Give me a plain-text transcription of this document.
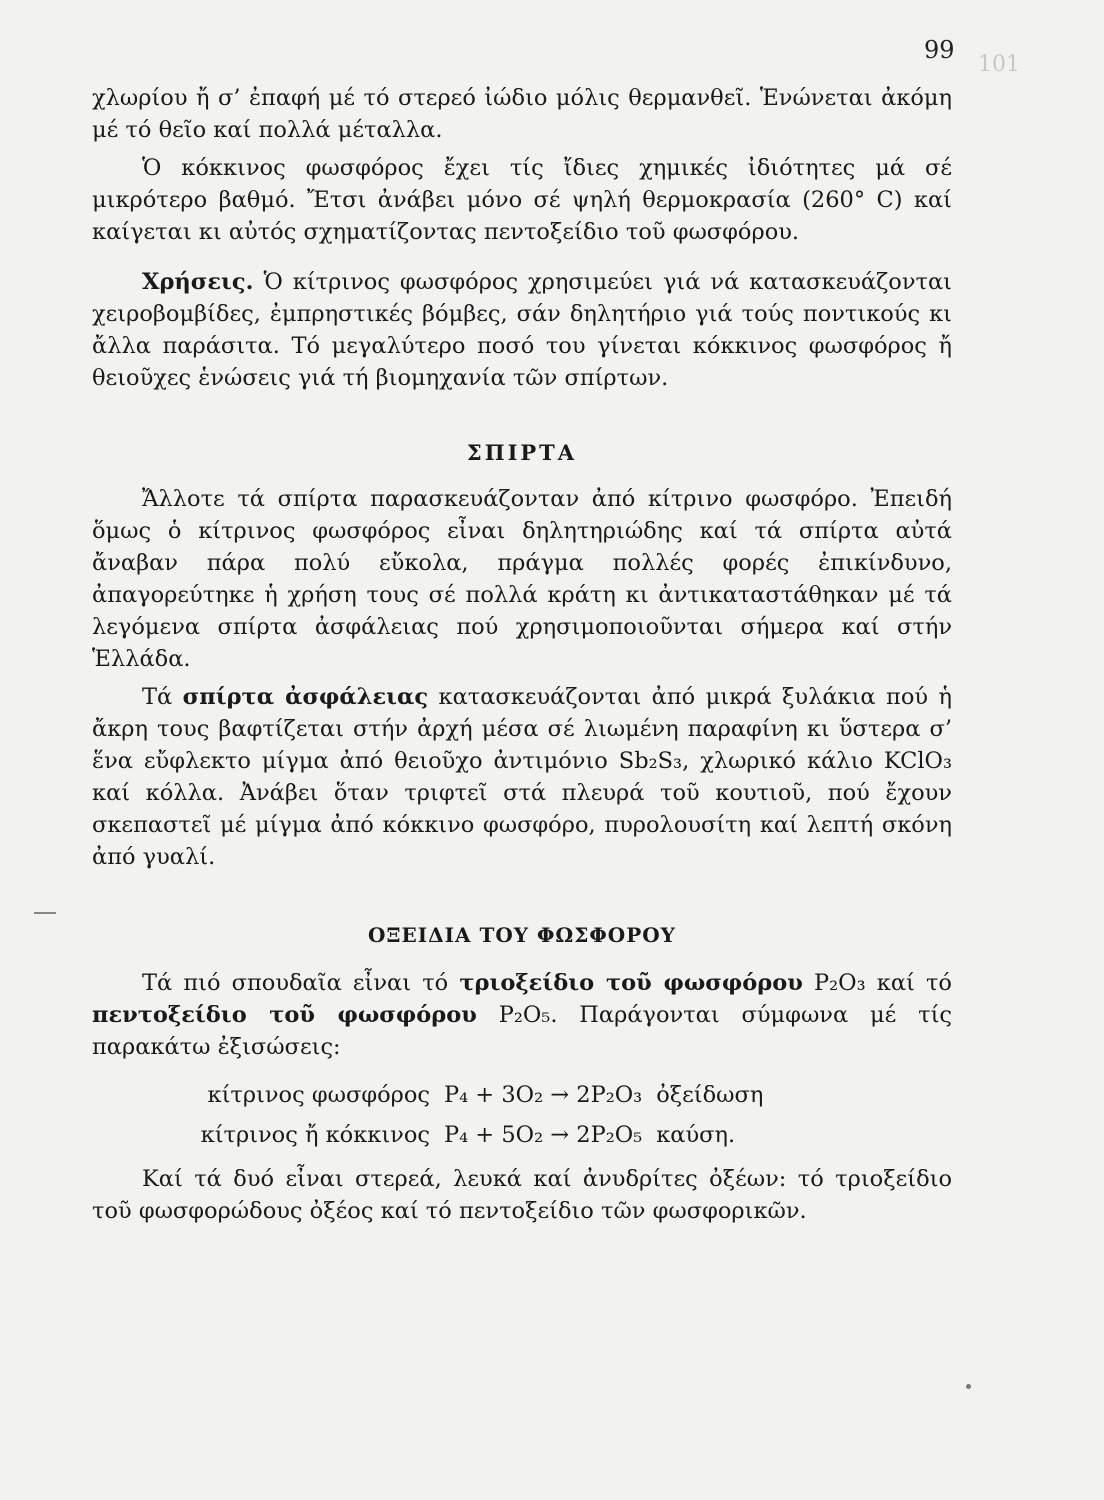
101
99

χλωρίου ἤ σ’ ἐπαφή μέ τό στερεό ἰώδιο μόλις θερμανθεῖ. Ἑνώνεται ἀκόμη μέ τό θεῖο καί πολλά μέταλλα.

Ὁ κόκκινος φωσφόρος ἔχει τίς ἴδιες χημικές ἰδιότητες μά σέ μικρότερο βαθμό. Ἔτσι ἀνάβει μόνο σέ ψηλή θερμοκρασία (260° C) καί καίγεται κι αὐτός σχηματίζοντας πεντοξείδιο τοῦ φωσφόρου.

Χρήσεις. Ὁ κίτρινος φωσφόρος χρησιμεύει γιά νά κατασκευάζονται χειροβομβίδες, ἐμπρηστικές βόμβες, σάν δηλητήριο γιά τούς ποντικούς κι ἄλλα παράσιτα. Τό μεγαλύτερο ποσό του γίνεται κόκκινος φωσφόρος ἤ θειοῦχες ἑνώσεις γιά τή βιομηχανία τῶν σπίρτων.

ΣΠΙΡΤΑ

Ἄλλοτε τά σπίρτα παρασκευάζονταν ἀπό κίτρινο φωσφόρο. Ἐπειδή ὅμως ὁ κίτρινος φωσφόρος εἶναι δηλητηριώδης καί τά σπίρτα αὐτά ἄναβαν πάρα πολύ εὔκολα, πράγμα πολλές φορές ἐπικίνδυνο, ἀπαγορεύτηκε ἡ χρήση τους σέ πολλά κράτη κι ἀντικαταστάθηκαν μέ τά λεγόμενα σπίρτα ἀσφάλειας πού χρησιμοποιοῦνται σήμερα καί στήν Ἑλλάδα.

Τά σπίρτα ἀσφάλειας κατασκευάζονται ἀπό μικρά ξυλάκια πού ἡ ἄκρη τους βαφτίζεται στήν ἀρχή μέσα σέ λιωμένη παραφίνη κι ὕστερα σ’ ἕνα εὔφλεκτο μίγμα ἀπό θειοῦχο ἀντιμόνιο Sb₂S₃, χλωρικό κάλιο KClO₃ καί κόλλα. Ἀνάβει ὅταν τριφτεῖ στά πλευρά τοῦ κουτιοῦ, πού ἔχουν σκεπαστεῖ μέ μίγμα ἀπό κόκκινο φωσφόρο, πυρολουσίτη καί λεπτή σκόνη ἀπό γυαλί.

ΟΞΕΙΔΙΑ ΤΟΥ ΦΩΣΦΟΡΟΥ

Τά πιό σπουδαῖα εἶναι τό τριοξείδιο τοῦ φωσφόρου P₂O₃ καί τό πεντοξείδιο τοῦ φωσφόρου P₂O₅. Παράγονται σύμφωνα μέ τίς παρακάτω ἐξισώσεις:

κίτρινος φωσφόρος P₄ + 3O₂ → 2P₂O₃ ὀξείδωση
κίτρινος ἤ κόκκινος P₄ + 5O₂ → 2P₂O₅ καύση.

Καί τά δυό εἶναι στερεά, λευκά καί ἀνυδρίτες ὀξέων: τό τριοξείδιο τοῦ φωσφορώδους ὀξέος καί τό πεντοξείδιο τῶν φωσφορικῶν.
